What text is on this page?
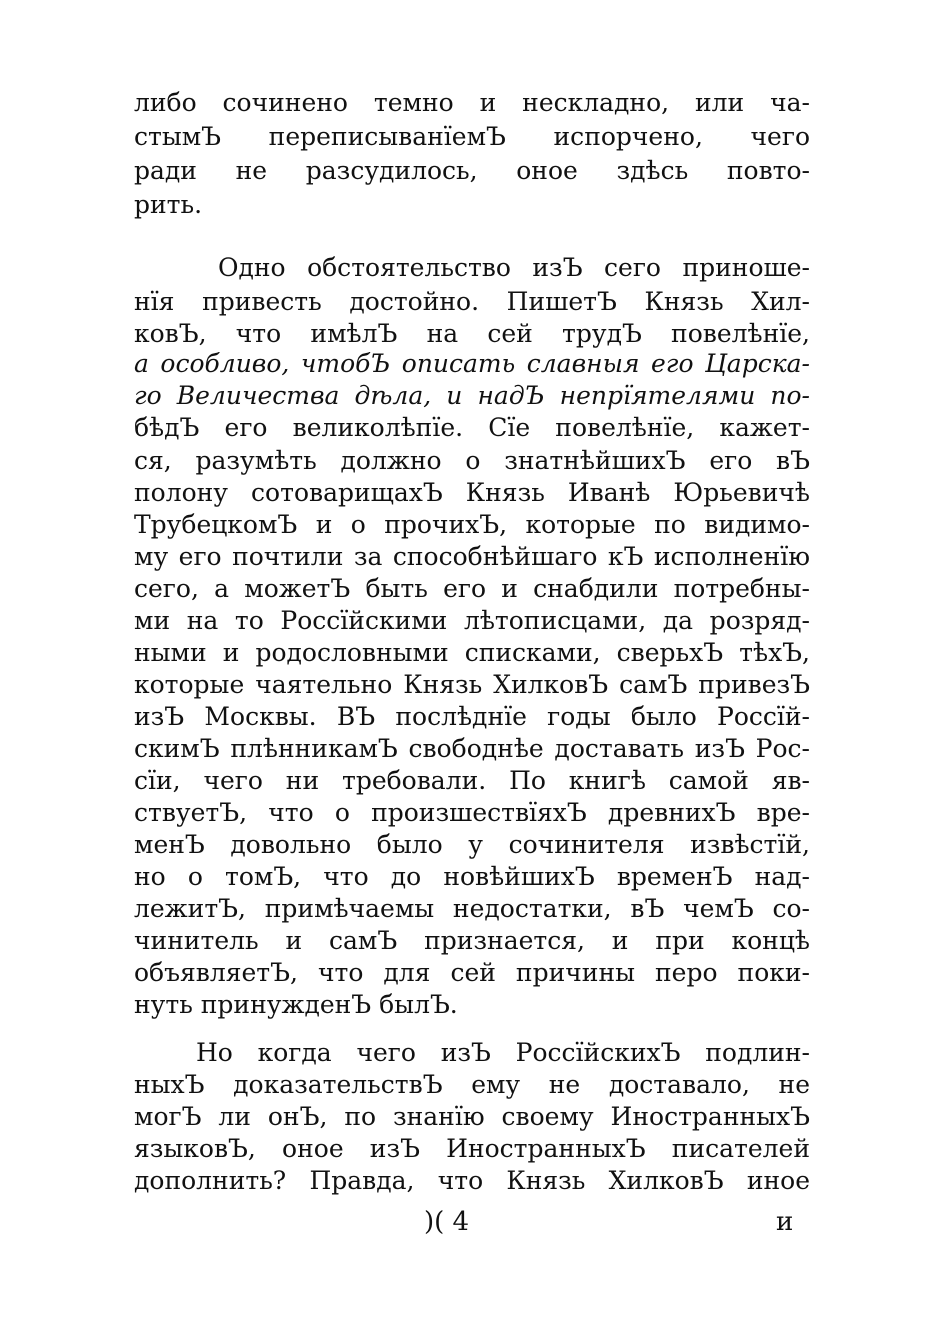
либо сочинено темно и нескладно, или ча-
стымЪ переписыванїемЪ испорчено, чего
ради не разсудилось, оное здѣсь повто-
рить.
Одно обстоятельство изЪ сего приноше-
нїя привесть достойно. ПишетЪ Князь Хил-
ковЪ, что имѣлЪ на сей трудЪ повелѣнїе,
а особливо, чтобЪ описать славныя его Царска-
го Величества дѣла, и надЪ непрїятелями по-
бѣдЪ его великолѣпїе. Сїе повелѣнїе, кажет-
ся, разумѣть должно о знатнѣйшихЪ его вЪ
полону сотоварищахЪ Князь Иванѣ Юрьевичѣ
ТрубецкомЪ и о прочихЪ, которые по видимо-
му его почтили за способнѣйшаго кЪ исполненїю
сего, а можетЪ быть его и снабдили потребны-
ми на то Россїйскими лѣтописцами, да розряд-
ными и родословными списками, сверьхЪ тѣхЪ,
которые чаятельно Князь ХилковЪ самЪ привезЪ
изЪ Москвы. ВЪ послѣднїе годы было Россїй-
скимЪ плѣнникамЪ свободнѣе доставать изЪ Рос-
сїи, чего ни требовали. По книгѣ самой яв-
ствуетЪ, что о произшествїяхЪ древнихЪ вре-
менЪ довольно было у сочинителя извѣстїй,
но о томЪ, что до новѣйшихЪ временЪ над-
лежитЪ, примѣчаемы недостатки, вЪ чемЪ со-
чинитель и самЪ признается, и при концѣ
объявляетЪ, что для сей причины перо поки-
нуть принужденЪ былЪ.
Но когда чего изЪ РоссїйскихЪ подлин-
ныхЪ доказательствЪ ему не доставало, не
могЪ ли онЪ, по знанїю своему ИностранныхЪ
языковЪ, оное изЪ ИностранныхЪ писателей
дополнить? Правда, что Князь ХилковЪ иное
)( 4	и
